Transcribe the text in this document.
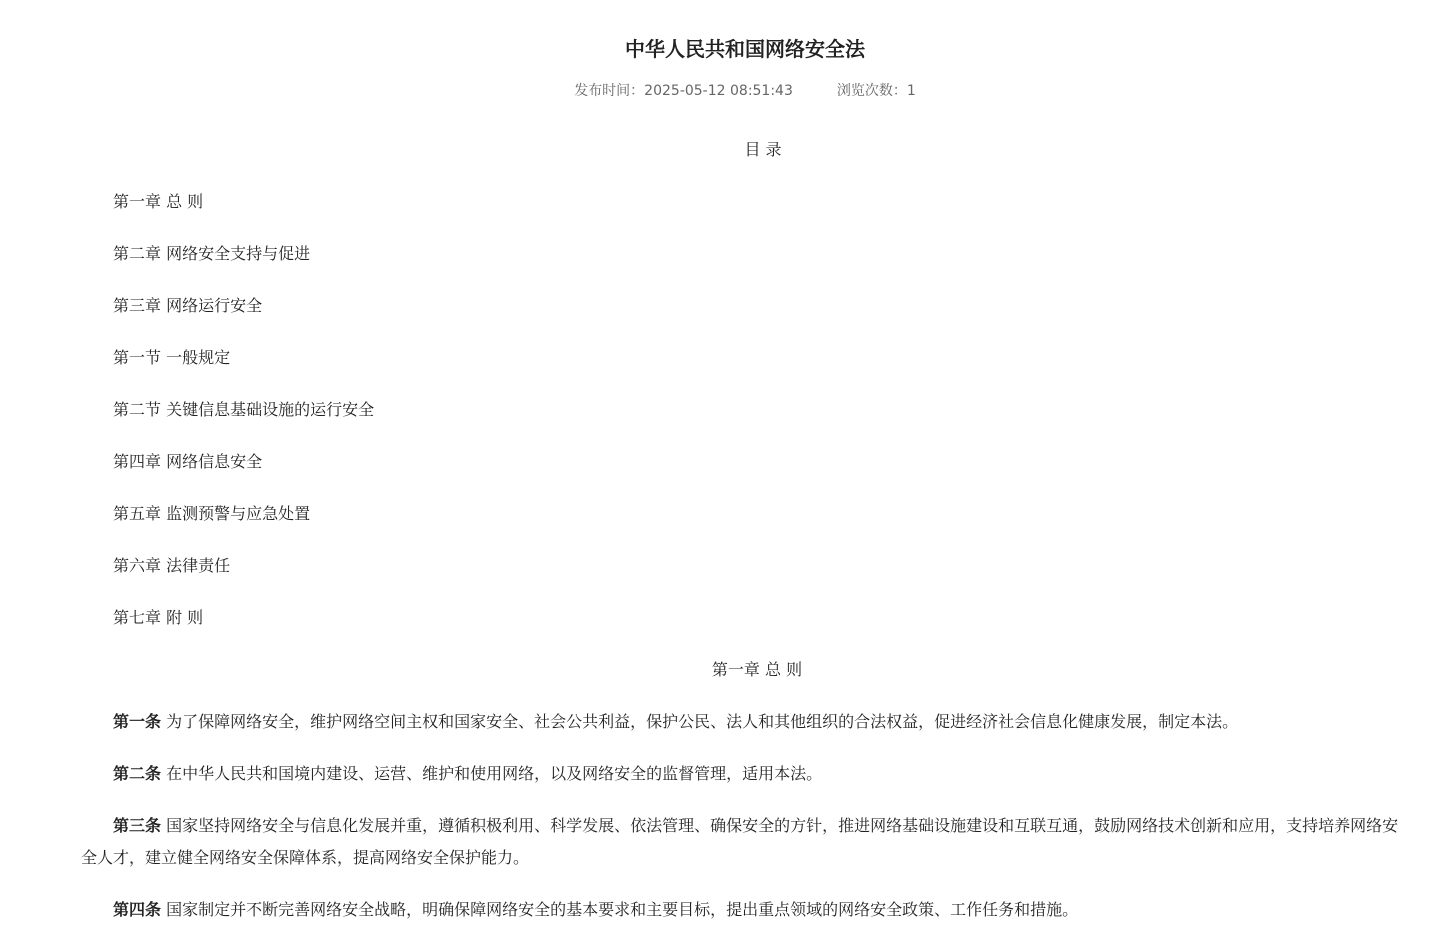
中华人民共和国网络安全法
发布时间：2025-05-12 08:51:43	浏览次数：1

目 录

第一章 总 则

第二章 网络安全支持与促进

第三章 网络运行安全

第一节 一般规定

第二节 关键信息基础设施的运行安全

第四章 网络信息安全

第五章 监测预警与应急处置

第六章 法律责任

第七章 附 则

第一章 总 则

第一条 为了保障网络安全，维护网络空间主权和国家安全、社会公共利益，保护公民、法人和其他组织的合法权益，促进经济社会信息化健康发展，制定本法。

第二条 在中华人民共和国境内建设、运营、维护和使用网络，以及网络安全的监督管理，适用本法。

第三条 国家坚持网络安全与信息化发展并重，遵循积极利用、科学发展、依法管理、确保安全的方针，推进网络基础设施建设和互联互通，鼓励网络技术创新和应用，支持培养网络安全人才，建立健全网络安全保障体系，提高网络安全保护能力。

第四条 国家制定并不断完善网络安全战略，明确保障网络安全的基本要求和主要目标，提出重点领域的网络安全政策、工作任务和措施。
